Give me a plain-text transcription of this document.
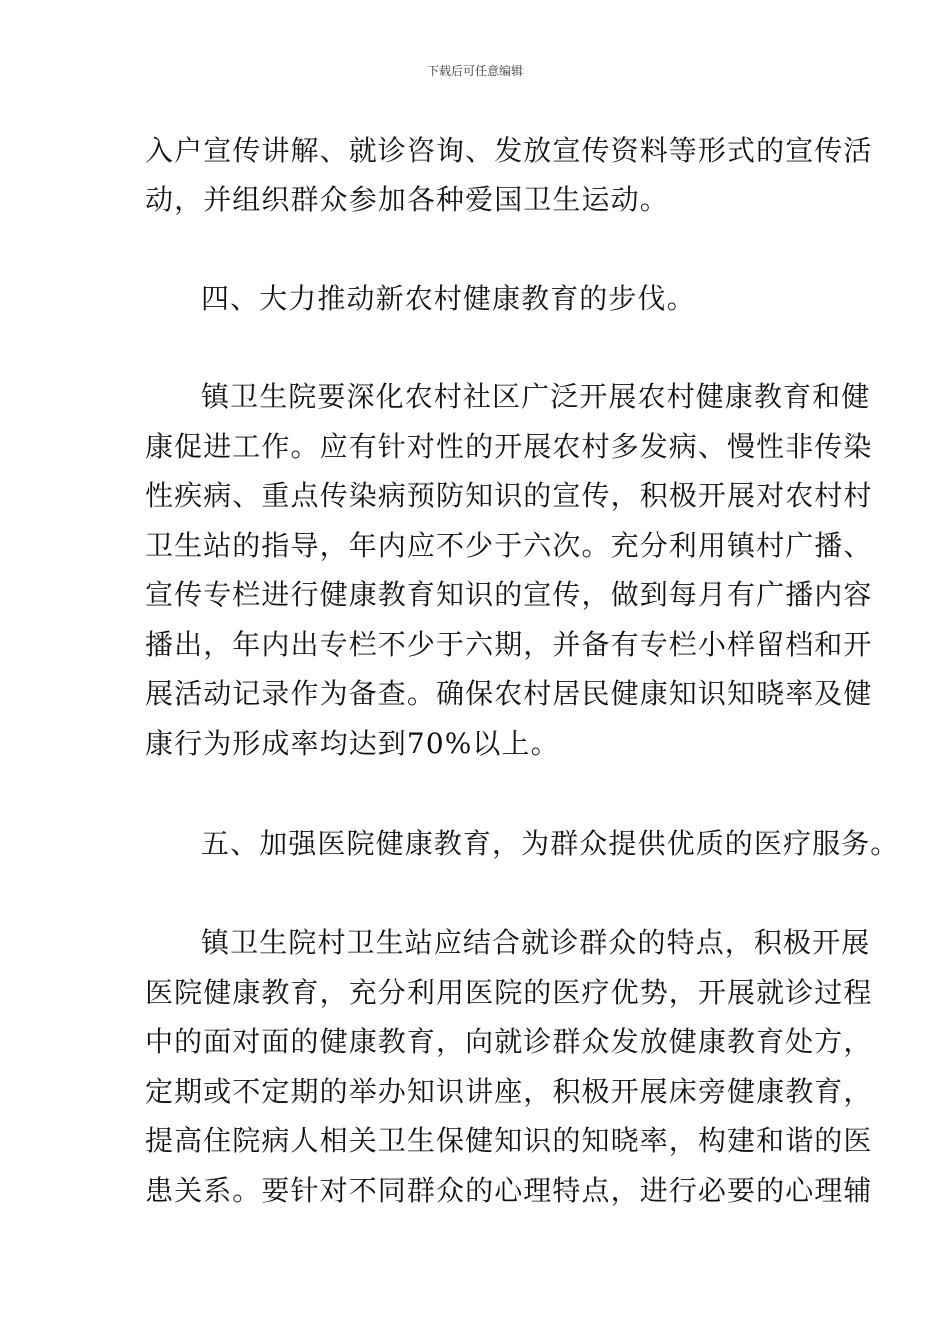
下载后可任意编辑
入户宣传讲解、就诊咨询、发放宣传资料等形式的宣传活
动，并组织群众参加各种爱国卫生运动。
四、大力推动新农村健康教育的步伐。
镇卫生院要深化农村社区广泛开展农村健康教育和健
康促进工作。应有针对性的开展农村多发病、慢性非传染
性疾病、重点传染病预防知识的宣传，积极开展对农村村
卫生站的指导，年内应不少于六次。充分利用镇村广播、
宣传专栏进行健康教育知识的宣传，做到每月有广播内容
播出，年内出专栏不少于六期，并备有专栏小样留档和开
展活动记录作为备查。确保农村居民健康知识知晓率及健
康行为形成率均达到70%以上。
五、加强医院健康教育，为群众提供优质的医疗服务。
镇卫生院村卫生站应结合就诊群众的特点，积极开展
医院健康教育，充分利用医院的医疗优势，开展就诊过程
中的面对面的健康教育，向就诊群众发放健康教育处方，
定期或不定期的举办知识讲座，积极开展床旁健康教育，
提高住院病人相关卫生保健知识的知晓率，构建和谐的医
患关系。要针对不同群众的心理特点，进行必要的心理辅
